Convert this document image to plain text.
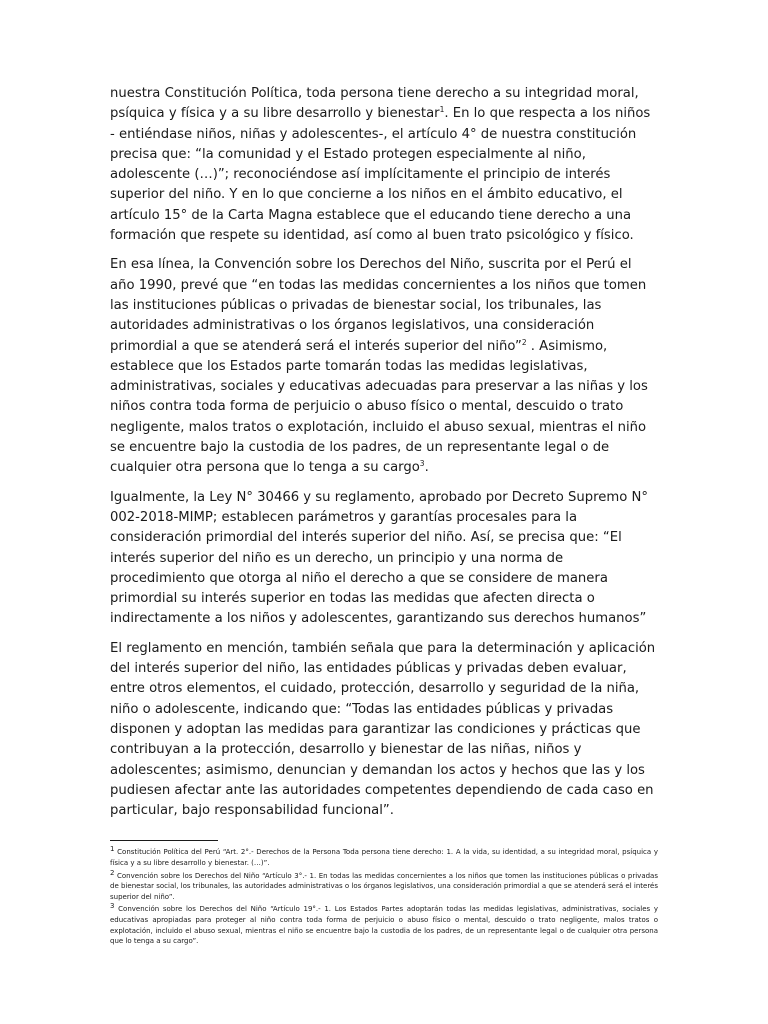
nuestra Constitución Política, toda persona tiene derecho a su integridad moral, psíquica y física y a su libre desarrollo y bienestar$^1$. En lo que respecta a los niños - entiéndase niños, niñas y adolescentes-, el artículo 4° de nuestra constitución precisa que: “la comunidad y el Estado protegen especialmente al niño, adolescente (…)”; reconociéndose así implícitamente el principio de interés superior del niño. Y en lo que concierne a los niños en el ámbito educativo, el artículo 15° de la Carta Magna establece que el educando tiene derecho a una formación que respete su identidad, así como al buen trato psicológico y físico.

En esa línea, la Convención sobre los Derechos del Niño, suscrita por el Perú el año 1990, prevé que “en todas las medidas concernientes a los niños que tomen las instituciones públicas o privadas de bienestar social, los tribunales, las autoridades administrativas o los órganos legislativos, una consideración primordial a que se atenderá será el interés superior del niño”$^2$ . Asimismo, establece que los Estados parte tomarán todas las medidas legislativas, administrativas, sociales y educativas adecuadas para preservar a las niñas y los niños contra toda forma de perjuicio o abuso físico o mental, descuido o trato negligente, malos tratos o explotación, incluido el abuso sexual, mientras el niño se encuentre bajo la custodia de los padres, de un representante legal o de cualquier otra persona que lo tenga a su cargo$^3$.

Igualmente, la Ley N° 30466 y su reglamento, aprobado por Decreto Supremo N° 002-2018-MIMP; establecen parámetros y garantías procesales para la consideración primordial del interés superior del niño. Así, se precisa que: “El interés superior del niño es un derecho, un principio y una norma de procedimiento que otorga al niño el derecho a que se considere de manera primordial su interés superior en todas las medidas que afecten directa o indirectamente a los niños y adolescentes, garantizando sus derechos humanos”

El reglamento en mención, también señala que para la determinación y aplicación del interés superior del niño, las entidades públicas y privadas deben evaluar, entre otros elementos, el cuidado, protección, desarrollo y seguridad de la niña, niño o adolescente, indicando que: “Todas las entidades públicas y privadas disponen y adoptan las medidas para garantizar las condiciones y prácticas que contribuyan a la protección, desarrollo y bienestar de las niñas, niños y adolescentes; asimismo, denuncian y demandan los actos y hechos que las y los pudiesen afectar ante las autoridades competentes dependiendo de cada caso en particular, bajo responsabilidad funcional”.

$^1$ Constitución Política del Perú “Art. 2°.- Derechos de la Persona Toda persona tiene derecho: 1. A la vida, su identidad, a su integridad moral, psíquica y física y a su libre desarrollo y bienestar. (…)”.

$^2$ Convención sobre los Derechos del Niño “Artículo 3°.- 1. En todas las medidas concernientes a los niños que tomen las instituciones públicas o privadas de bienestar social, los tribunales, las autoridades administrativas o los órganos legislativos, una consideración primordial a que se atenderá será el interés superior del niño”.

$^3$ Convención sobre los Derechos del Niño “Artículo 19°.- 1. Los Estados Partes adoptarán todas las medidas legislativas, administrativas, sociales y educativas apropiadas para proteger al niño contra toda forma de perjuicio o abuso físico o mental, descuido o trato negligente, malos tratos o explotación, incluido el abuso sexual, mientras el niño se encuentre bajo la custodia de los padres, de un representante legal o de cualquier otra persona que lo tenga a su cargo”.
